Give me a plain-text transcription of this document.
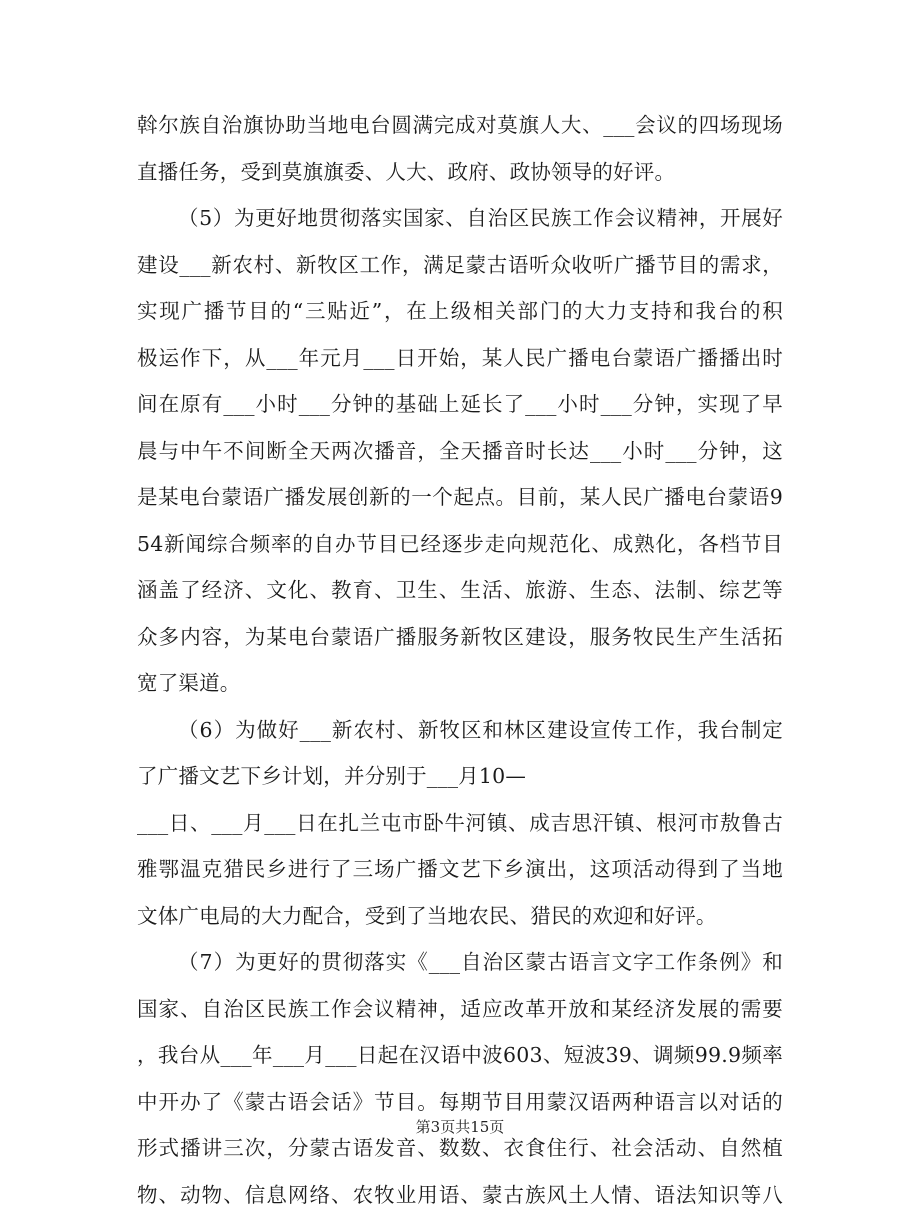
斡尔族自治旗协助当地电台圆满完成对莫旗人大、___会议的四场现场
直播任务，受到莫旗旗委、人大、政府、政协领导的好评。
（5）为更好地贯彻落实国家、自治区民族工作会议精神，开展好
建设___新农村、新牧区工作，满足蒙古语听众收听广播节目的需求，
实现广播节目的“三贴近”，在上级相关部门的大力支持和我台的积
极运作下，从___年元月___日开始，某人民广播电台蒙语广播播出时
间在原有___小时___分钟的基础上延长了___小时___分钟，实现了早
晨与中午不间断全天两次播音，全天播音时长达___小时___分钟，这
是某电台蒙语广播发展创新的一个起点。目前，某人民广播电台蒙语9
54新闻综合频率的自办节目已经逐步走向规范化、成熟化，各档节目
涵盖了经济、文化、教育、卫生、生活、旅游、生态、法制、综艺等
众多内容，为某电台蒙语广播服务新牧区建设，服务牧民生产生活拓
宽了渠道。
（6）为做好___新农村、新牧区和林区建设宣传工作，我台制定
了广播文艺下乡计划，并分别于___月10—
___日、___月___日在扎兰屯市卧牛河镇、成吉思汗镇、根河市敖鲁古
雅鄂温克猎民乡进行了三场广播文艺下乡演出，这项活动得到了当地
文体广电局的大力配合，受到了当地农民、猎民的欢迎和好评。
（7）为更好的贯彻落实《___自治区蒙古语言文字工作条例》和
国家、自治区民族工作会议精神，适应改革开放和某经济发展的需要
，我台从___年___月___日起在汉语中波603、短波39、调频99.9频率
中开办了《蒙古语会话》节目。每期节目用蒙汉语两种语言以对话的
形式播讲三次，分蒙古语发音、数数、衣食住行、社会活动、自然植
物、动物、信息网络、农牧业用语、蒙古族风土人情、语法知识等八
第3页共15页
